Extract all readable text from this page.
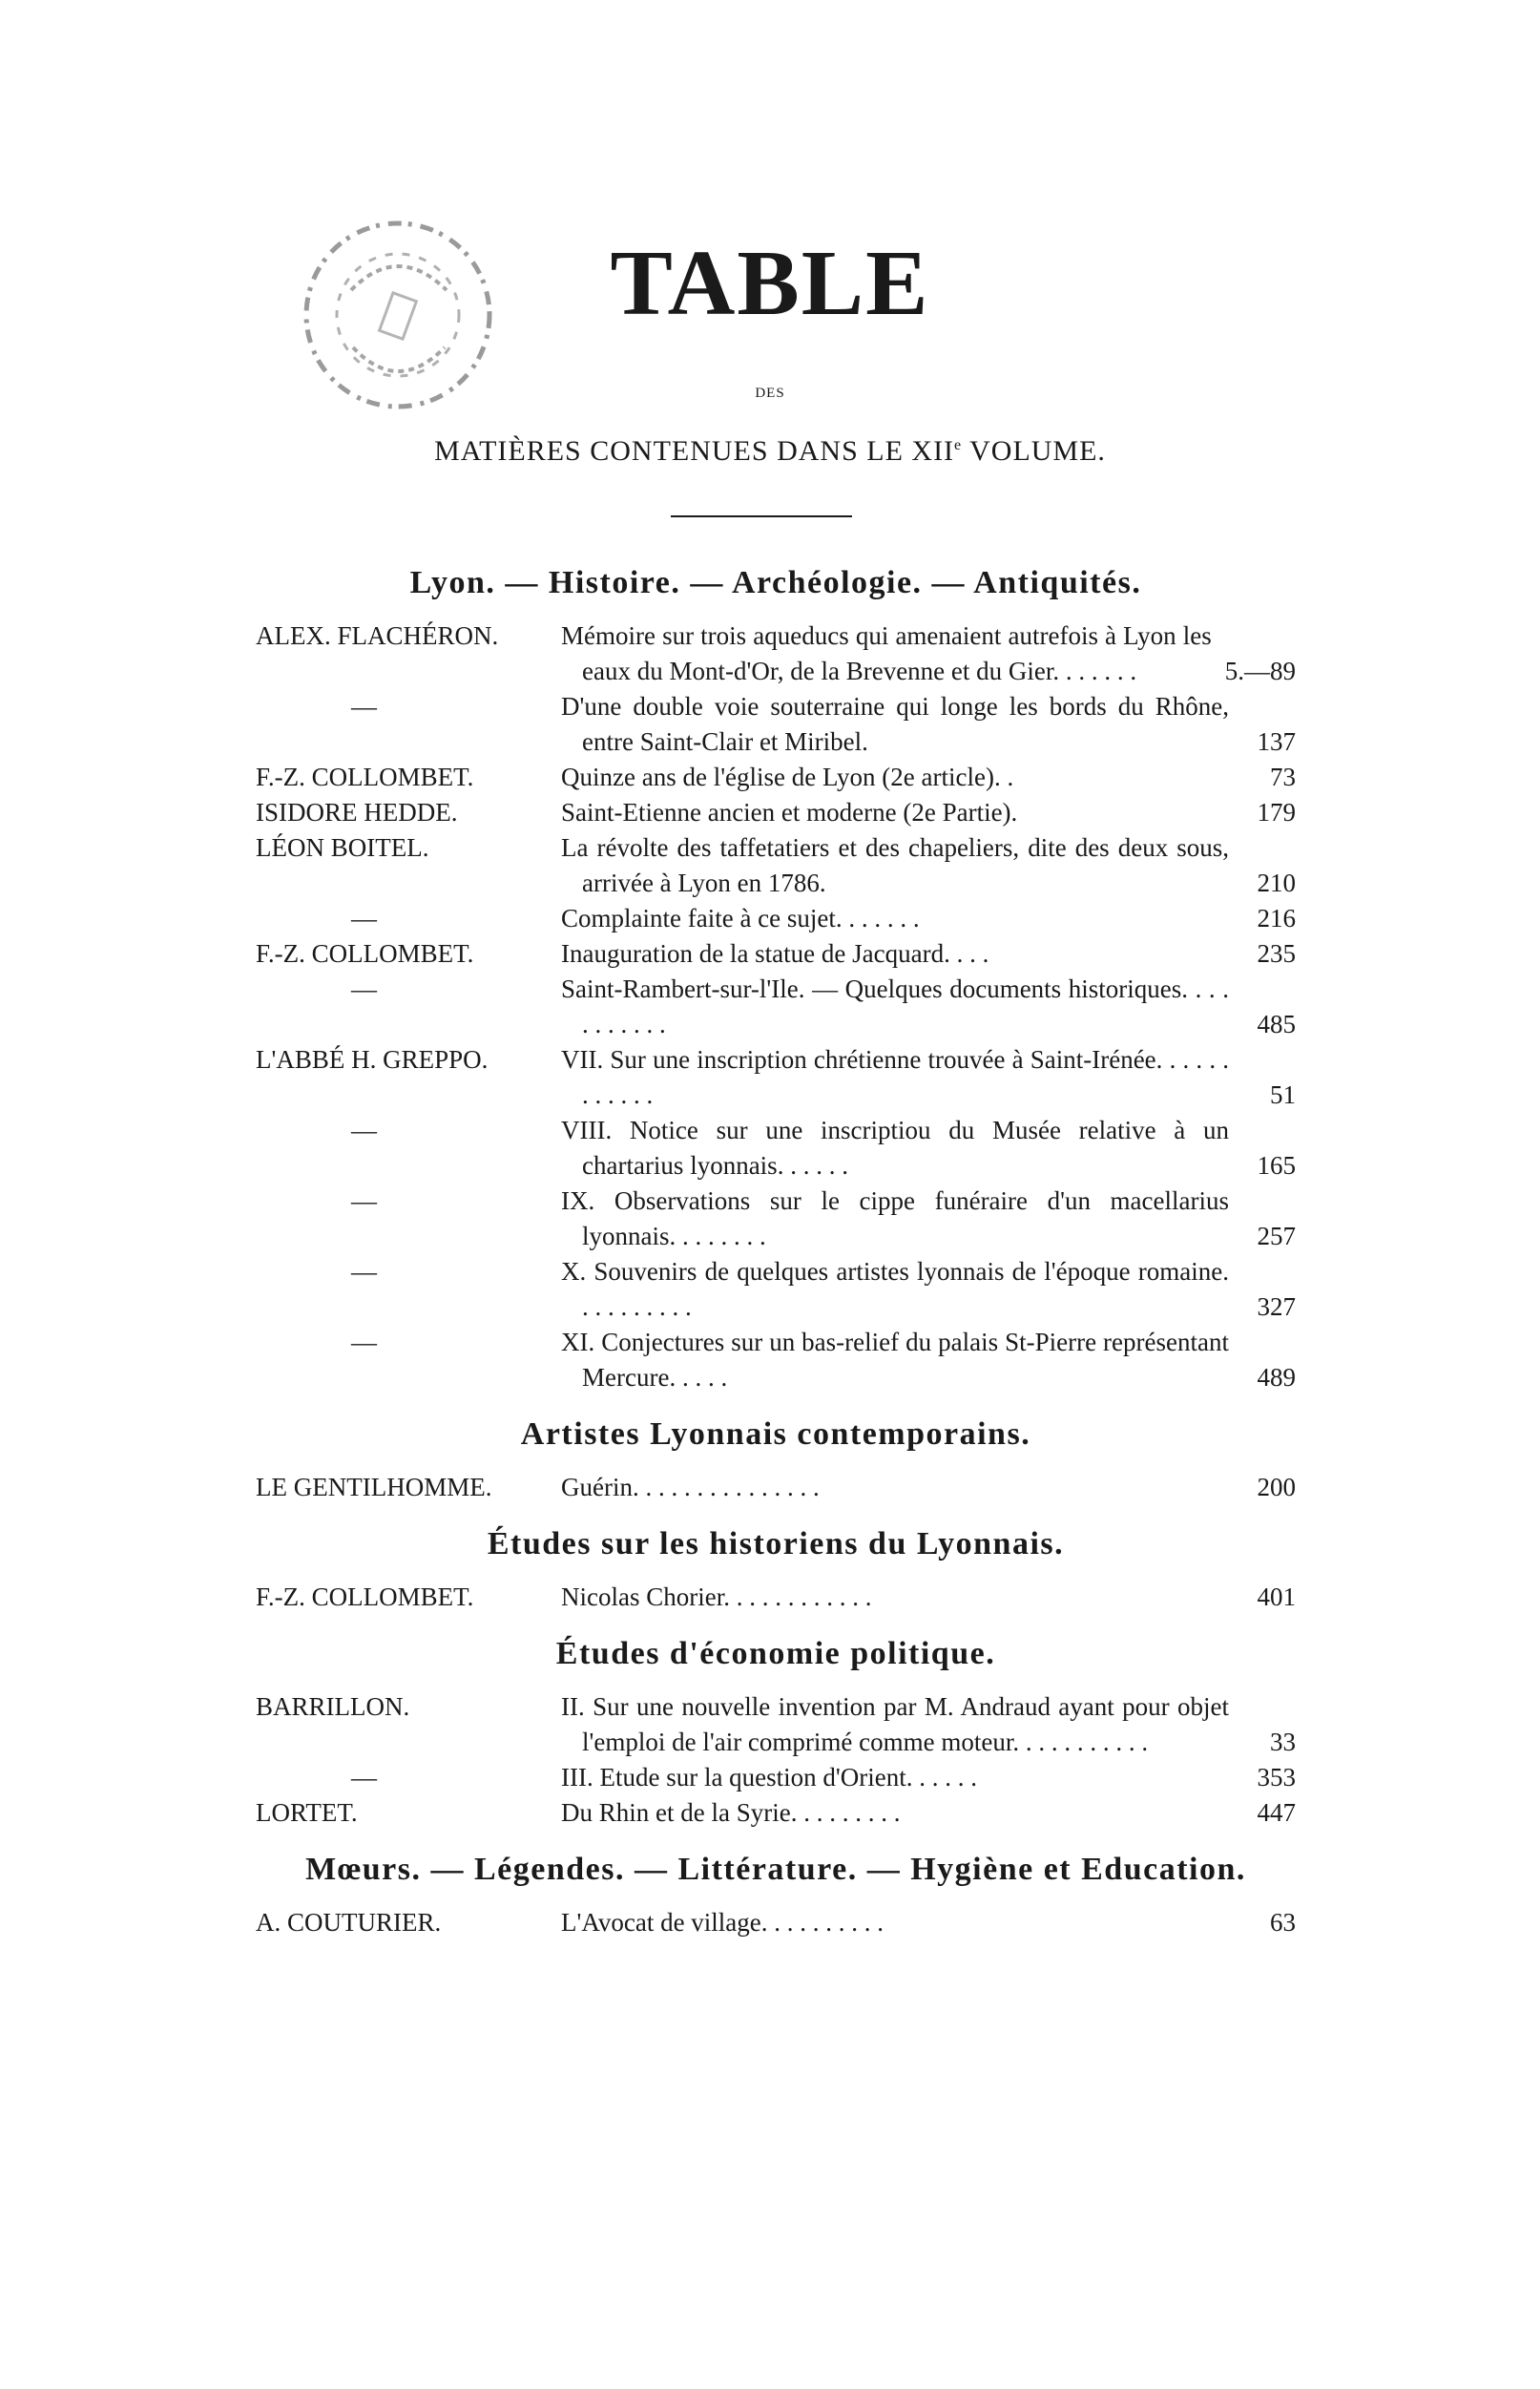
TABLE
DES
MATIÈRES CONTENUES DANS LE XIIe VOLUME.
Lyon. — Histoire. — Archéologie. — Antiquités.
ALEX. FLACHÉRON.	Mémoire sur trois aqueducs qui amenaient autrefois à Lyon les eaux du Mont-d'Or, de la Brevenne et du Gier. . . . . . .	5.—89
—	D'une double voie souterraine qui longe les bords du Rhône, entre Saint-Clair et Miribel.	137
F.-Z. COLLOMBET.	Quinze ans de l'église de Lyon (2e article). .	73
ISIDORE HEDDE.	Saint-Etienne ancien et moderne (2e Partie).	179
LÉON BOITEL.	La révolte des taffetatiers et des chapeliers, dite des deux sous, arrivée à Lyon en 1786.	210
—	Complainte faite à ce sujet. . . . . . .	216
F.-Z. COLLOMBET.	Inauguration de la statue de Jacquard. . . .	235
—	Saint-Rambert-sur-l'Ile. — Quelques documents historiques. . . . . . . . . . .	485
L'ABBÉ H. GREPPO.	VII. Sur une inscription chrétienne trouvée à Saint-Irénée. . . . . . . . . . . .	51
—	VIII. Notice sur une inscriptiou du Musée relative à un chartarius lyonnais. . . . . .	165
—	IX. Observations sur le cippe funéraire d'un macellarius lyonnais. . . . . . . .	257
—	X. Souvenirs de quelques artistes lyonnais de l'époque romaine. . . . . . . . . .	327
—	XI. Conjectures sur un bas-relief du palais St-Pierre représentant Mercure. . . . .	489
Artistes Lyonnais contemporains.
LE GENTILHOMME.	Guérin. . . . . . . . . . . . . . .	200
Études sur les historiens du Lyonnais.
F.-Z. COLLOMBET.	Nicolas Chorier. . . . . . . . . . . .	401
Études d'économie politique.
BARRILLON.	II. Sur une nouvelle invention par M. Andraud ayant pour objet l'emploi de l'air comprimé comme moteur. . . . . . . . . . .	33
—	III. Etude sur la question d'Orient. . . . . .	353
LORTET.	Du Rhin et de la Syrie. . . . . . . . .	447
Mœurs. — Légendes. — Littérature. — Hygiène et Education.
A. COUTURIER.	L'Avocat de village. . . . . . . . . .	63
